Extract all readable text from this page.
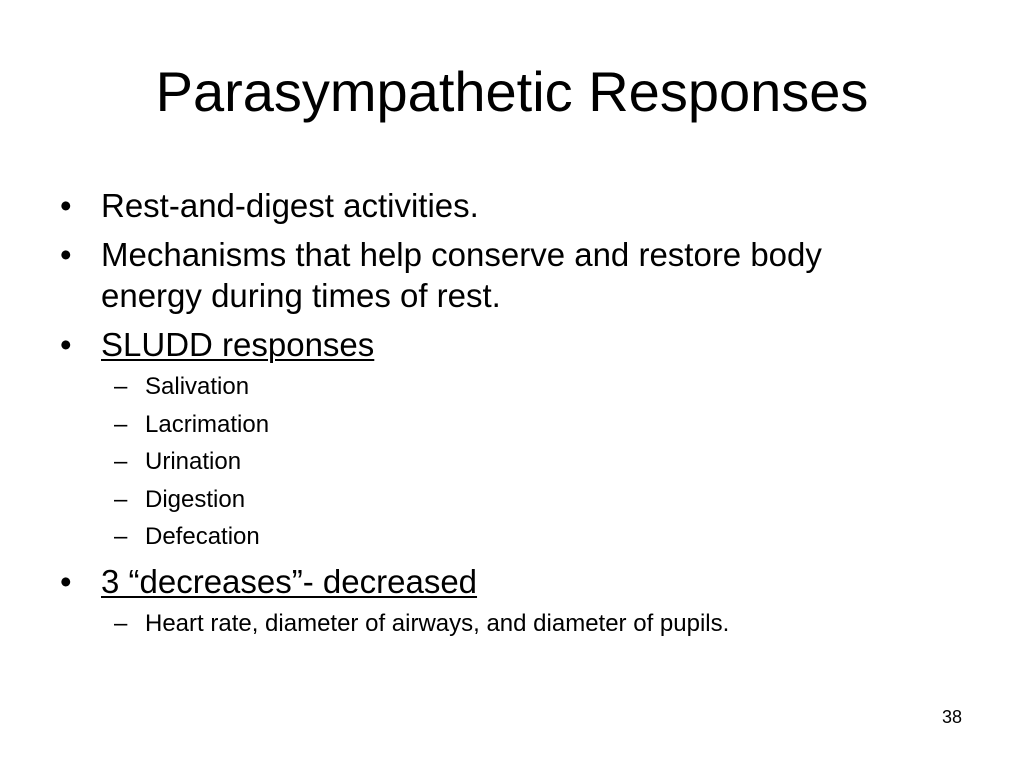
Parasympathetic Responses
• Rest-and-digest activities.
• Mechanisms that help conserve and restore body energy during times of rest.
• SLUDD responses
– Salivation
– Lacrimation
– Urination
– Digestion
– Defecation
• 3 “decreases”- decreased
– Heart rate, diameter of airways, and diameter of pupils.
38
